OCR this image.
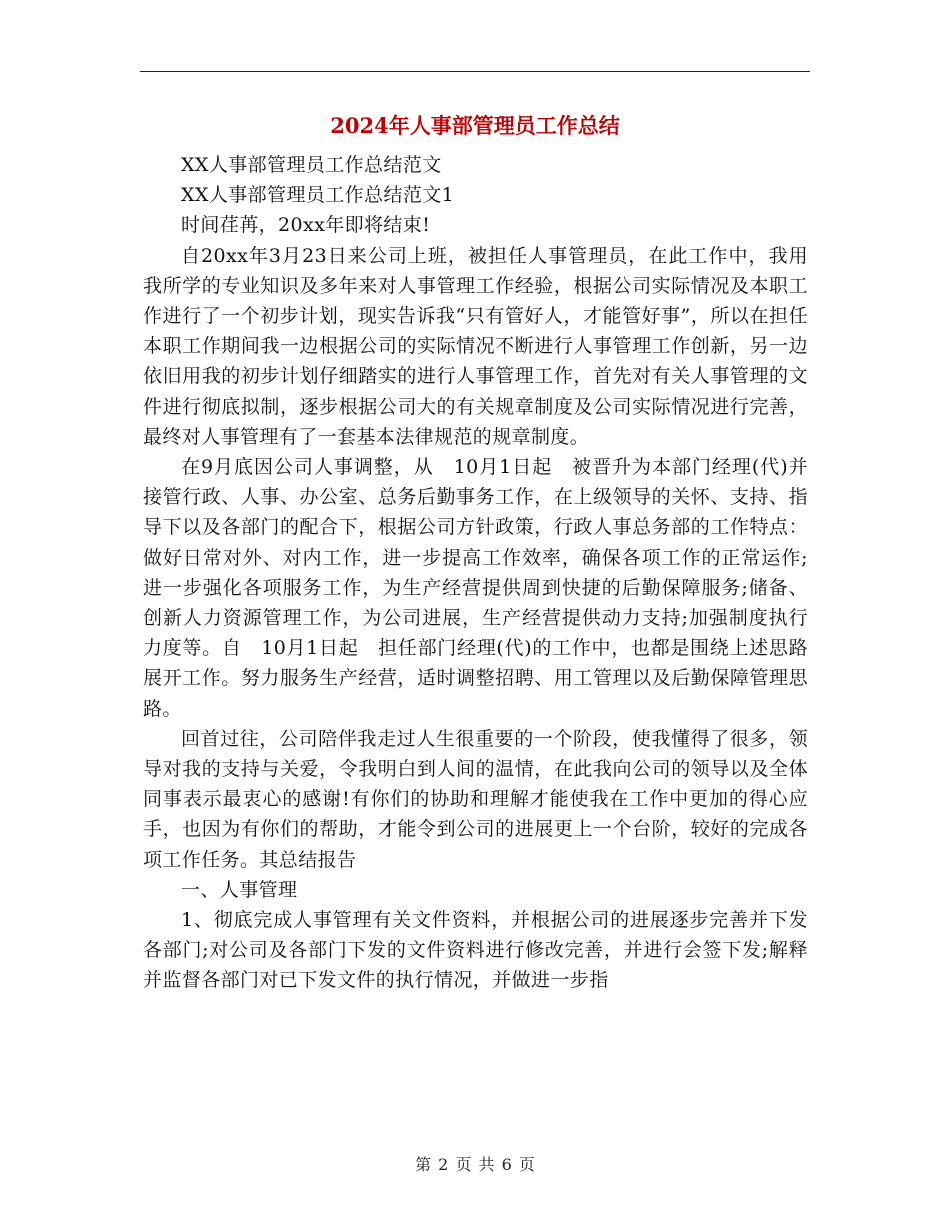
2024年人事部管理员工作总结

XX人事部管理员工作总结范文

XX人事部管理员工作总结范文1

时间荏苒，20xx年即将结束!

自20xx年3月23日来公司上班，被担任人事管理员，在此工作中，我用我所学的专业知识及多年来对人事管理工作经验，根据公司实际情况及本职工作进行了一个初步计划，现实告诉我“只有管好人，才能管好事”，所以在担任本职工作期间我一边根据公司的实际情况不断进行人事管理工作创新，另一边依旧用我的初步计划仔细踏实的进行人事管理工作，首先对有关人事管理的文件进行彻底拟制，逐步根据公司大的有关规章制度及公司实际情况进行完善，最终对人事管理有了一套基本法律规范的规章制度。

在9月底因公司人事调整，从　10月1日起　被晋升为本部门经理(代)并接管行政、人事、办公室、总务后勤事务工作，在上级领导的关怀、支持、指导下以及各部门的配合下，根据公司方针政策，行政人事总务部的工作特点：做好日常对外、对内工作，进一步提高工作效率，确保各项工作的正常运作;进一步强化各项服务工作，为生产经营提供周到快捷的后勤保障服务;储备、创新人力资源管理工作，为公司进展，生产经营提供动力支持;加强制度执行力度等。自　10月1日起　担任部门经理(代)的工作中，也都是围绕上述思路展开工作。努力服务生产经营，适时调整招聘、用工管理以及后勤保障管理思路。

回首过往，公司陪伴我走过人生很重要的一个阶段，使我懂得了很多，领导对我的支持与关爱，令我明白到人间的温情，在此我向公司的领导以及全体同事表示最衷心的感谢!有你们的协助和理解才能使我在工作中更加的得心应手，也因为有你们的帮助，才能令到公司的进展更上一个台阶，较好的完成各项工作任务。其总结报告

一、人事管理

1、彻底完成人事管理有关文件资料，并根据公司的进展逐步完善并下发各部门;对公司及各部门下发的文件资料进行修改完善，并进行会签下发;解释并监督各部门对已下发文件的执行情况，并做进一步指

第 2 页 共 6 页
